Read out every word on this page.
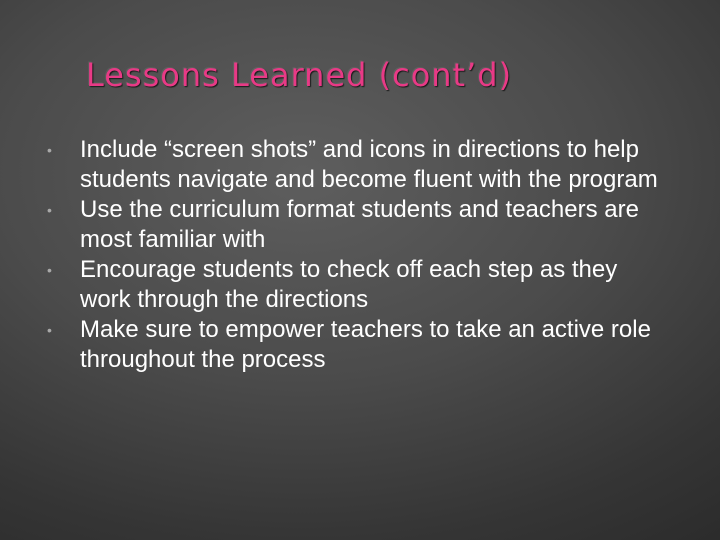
Lessons Learned (cont’d)
• Include “screen shots” and icons in directions to help students navigate and become fluent with the program
• Use the curriculum format students and teachers are most familiar with
• Encourage students to check off each step as they work through the directions
• Make sure to empower teachers to take an active role throughout the process
